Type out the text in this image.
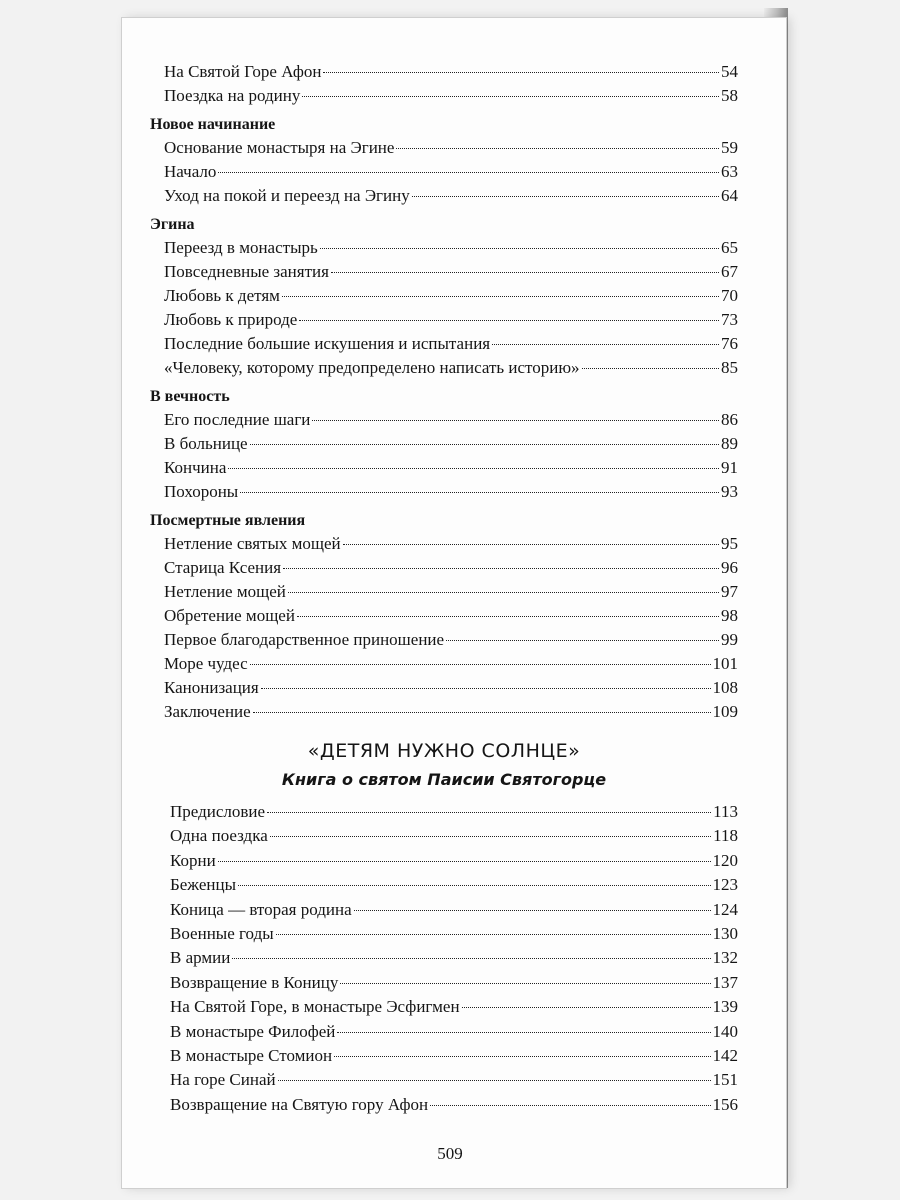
На Святой Горе Афон	54
Поездка на родину	58
Новое начинание
Основание монастыря на Эгине	59
Начало	63
Уход на покой и переезд на Эгину	64
Эгина
Переезд в монастырь	65
Повседневные занятия	67
Любовь к детям	70
Любовь к природе	73
Последние большие искушения и испытания	76
«Человеку, которому предопределено написать историю»	85
В вечность
Его последние шаги	86
В больнице	89
Кончина	91
Похороны	93
Посмертные явления
Нетление святых мощей	95
Старица Ксения	96
Нетление мощей	97
Обретение мощей	98
Первое благодарственное приношение	99
Море чудес	101
Канонизация	108
Заключение	109
«ДЕТЯМ НУЖНО СОЛНЦЕ»
Книга о святом Паисии Святогорце
Предисловие	113
Одна поездка	118
Корни	120
Беженцы	123
Коница — вторая родина	124
Военные годы	130
В армии	132
Возвращение в Коницу	137
На Святой Горе, в монастыре Эсфигмен	139
В монастыре Филофей	140
В монастыре Стомион	142
На горе Синай	151
Возвращение на Святую гору Афон	156
509
